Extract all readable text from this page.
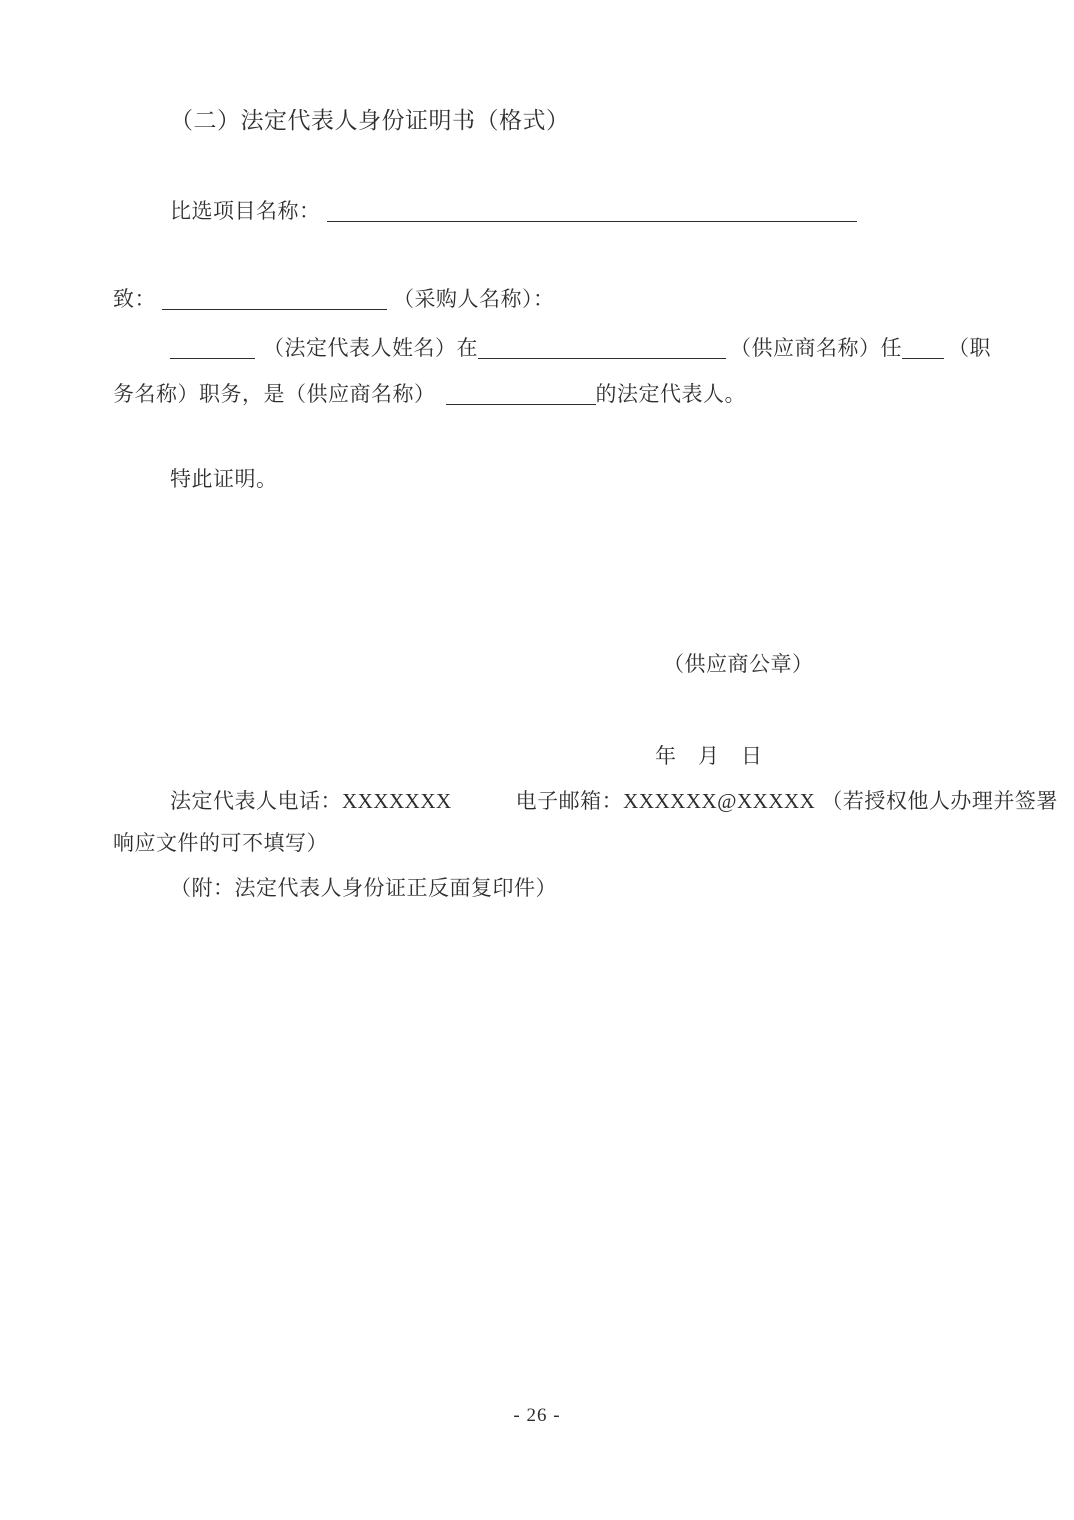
（二）法定代表人身份证明书（格式）
比选项目名称：
致：	（采购人名称）：
（法定代表人姓名）在	（供应商名称）任 （职
务名称）职务，是（供应商名称）	的法定代表人。
特此证明。
（供应商公章）
年　月　日
法定代表人电话：XXXXXXX	电子邮箱：XXXXXX@XXXXX （若授权他人办理并签署
响应文件的可不填写）
（附：法定代表人身份证正反面复印件）
- 26 -
